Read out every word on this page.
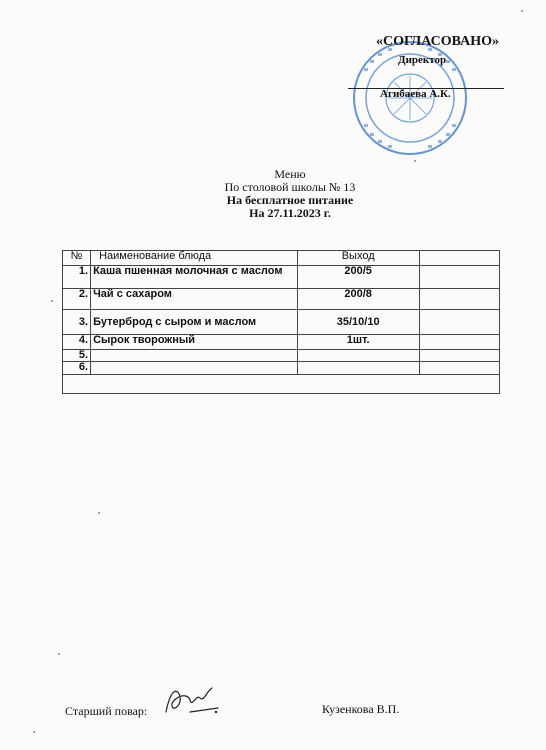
«СОГЛАСОВАНО»
Директор
Агибаева А.К.
Меню
По столовой школы № 13
На бесплатное питание
На 27.11.2023 г.
№	Наименование блюда	Выход	
1.	Каша пшенная молочная с маслом	200/5	
2.	Чай с сахаром	200/8	
3.	Бутерброд с сыром и маслом	35/10/10	
4.	Сырок творожный	1шт.	
5.			
6.			

Старший повар:	Кузенкова В.П.
